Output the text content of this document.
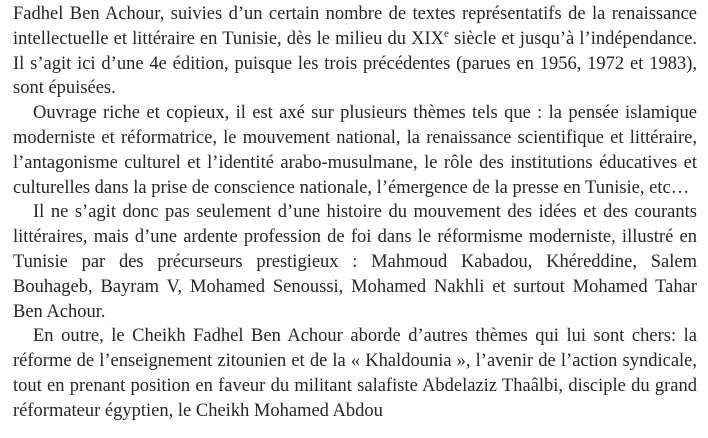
Fadhel Ben Achour, suivies d’un certain nombre de textes représentatifs de la renaissance intellectuelle et littéraire en Tunisie, dès le milieu du XIXe siècle et jusqu’à l’indépendance. Il s’agit ici d’une 4e édition, puisque les trois précédentes (parues en 1956, 1972 et 1983), sont épuisées.

Ouvrage riche et copieux, il est axé sur plusieurs thèmes tels que : la pensée islamique moderniste et réformatrice, le mouvement national, la renaissance scientifique et littéraire, l’antagonisme culturel et l’identité arabo-musulmane, le rôle des institutions éducatives et culturelles dans la prise de conscience nationale, l’émergence de la presse en Tunisie, etc…

Il ne s’agit donc pas seulement d’une histoire du mouvement des idées et des courants littéraires, mais d’une ardente profession de foi dans le réformisme moderniste, illustré en Tunisie par des précurseurs prestigieux : Mahmoud Kabadou, Khéreddine, Salem Bouhageb, Bayram V, Mohamed Senoussi, Mohamed Nakhli et surtout Mohamed Tahar Ben Achour.

En outre, le Cheikh Fadhel Ben Achour aborde d’autres thèmes qui lui sont chers: la réforme de l’enseignement zitounien et de la « Khaldounia », l’avenir de l’action syndicale, tout en prenant position en faveur du militant salafiste Abdelaziz Thaâlbi, disciple du grand réformateur égyptien, le Cheikh Mohamed Abdou
